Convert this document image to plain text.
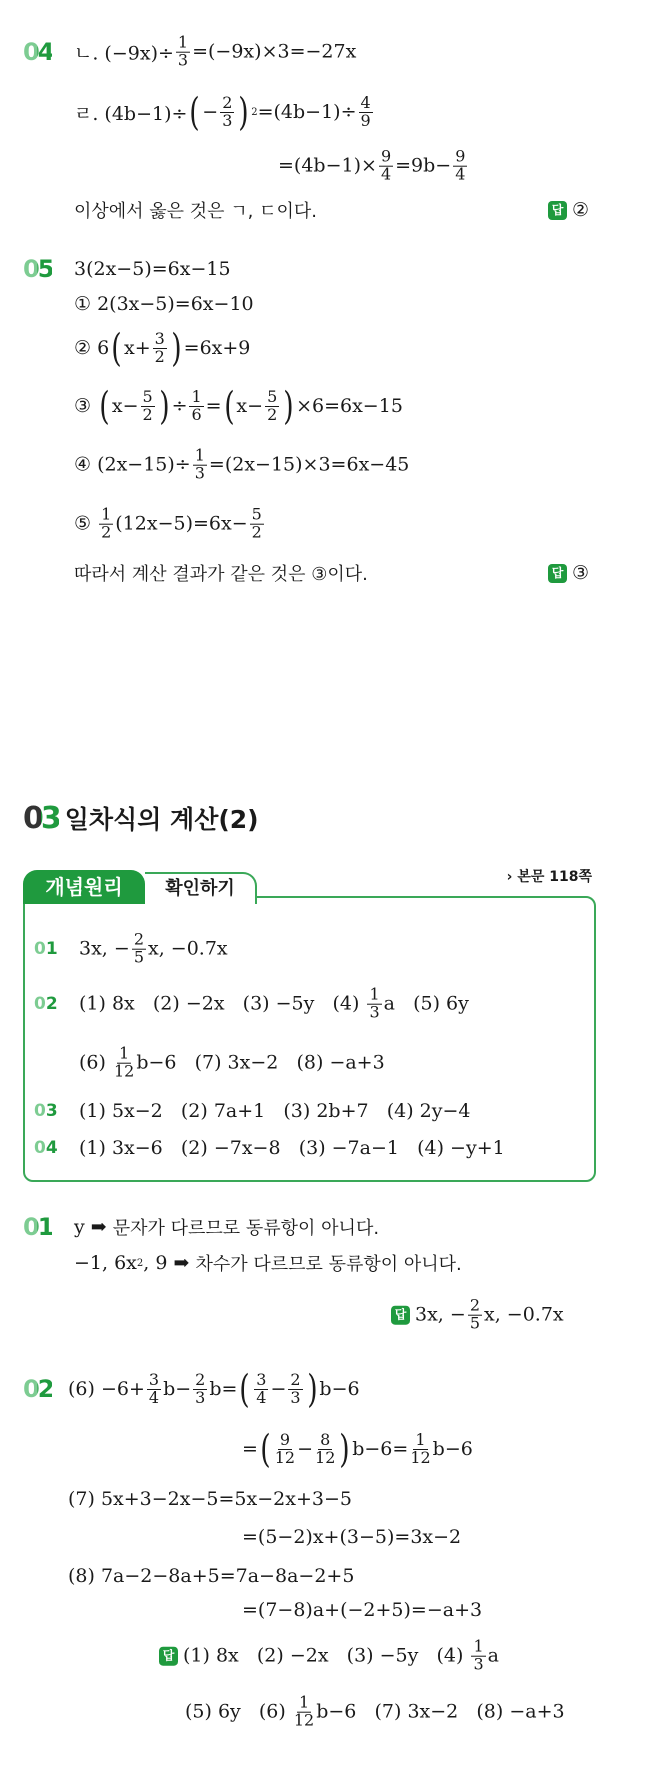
04 ㄴ. $(-9x)\div \frac{1}{3} =(-9x)\times 3=-27x$
ㄹ. (4b−1)÷ ( − $\frac{2}{3}$ ) $2 =(4b-1)\div \frac{4}{9}$
$=(4b-1)\times \frac{9}{4} =9b- \frac{9}{4}$
이상에서 옳은 것은 ㄱ, ㄷ이다.	답 ②
05 3(2x−5)=6x−15
① 2(3x−5)=6x−10
② 6 ( $x+ \frac{3}{2}$ ) =6x+9
③ ( $x- \frac{5}{2}$ ) ÷ $\frac{1}{6}$ = ( $x- \frac{5}{2}$ ) ×6=6x−15
④ $(2x-15)\div \frac{1}{3} =(2x-15)\times 3=6x-45$
⑤ $\frac{1}{2} (12x-5)=6x- \frac{5}{2}$
따라서 계산 결과가 같은 것은 ③이다.	답 ③
03 일차식의 계산(2)
개념원리	확인하기
› 본문 118쪽
01 3x, − $\frac{2}{5} x$, −0.7x
02 (1) 8x   (2) −2x   (3) −5y   $(4) \frac{1}{3}$ a   (5) 6y
$(6) \frac{1}{12} b-6$   (7) 3x−2   (8) −a+3
03 (1) 5x−2   (2) 7a+1   (3) 2b+7   (4) 2y−4
04 (1) 3x−6   (2) −7x−8   (3) −7a−1   (4) −y+1
01 y ➡ 문자가 다르므로 동류항이 아니다.
−1, 6x 2 , 9 ➡ 차수가 다르므로 동류항이 아니다.
답 3x, − $\frac{2}{5} x$, −0.7x
02 $(6) -6+ \frac{3}{4} b- \frac{2}{3} b=$ ( $\frac{3}{4} - \frac{2}{3}$ ) b−6
= ( $\frac{9}{12} - \frac{8}{12}$ ) $b-6= \frac{1}{12} b-6$
(7) 5x+3−2x−5=5x−2x+3−5
=(5−2)x+(3−5)=3x−2
(8) 7a−2−8a+5=7a−8a−2+5
=(7−8)a+(−2+5)=−a+3
답 (1) 8x   (2) −2x   (3) −5y   $(4) \frac{1}{3}$ a
(5) 6y   $(6) \frac{1}{12} b-6$   (7) 3x−2   (8) −a+3
